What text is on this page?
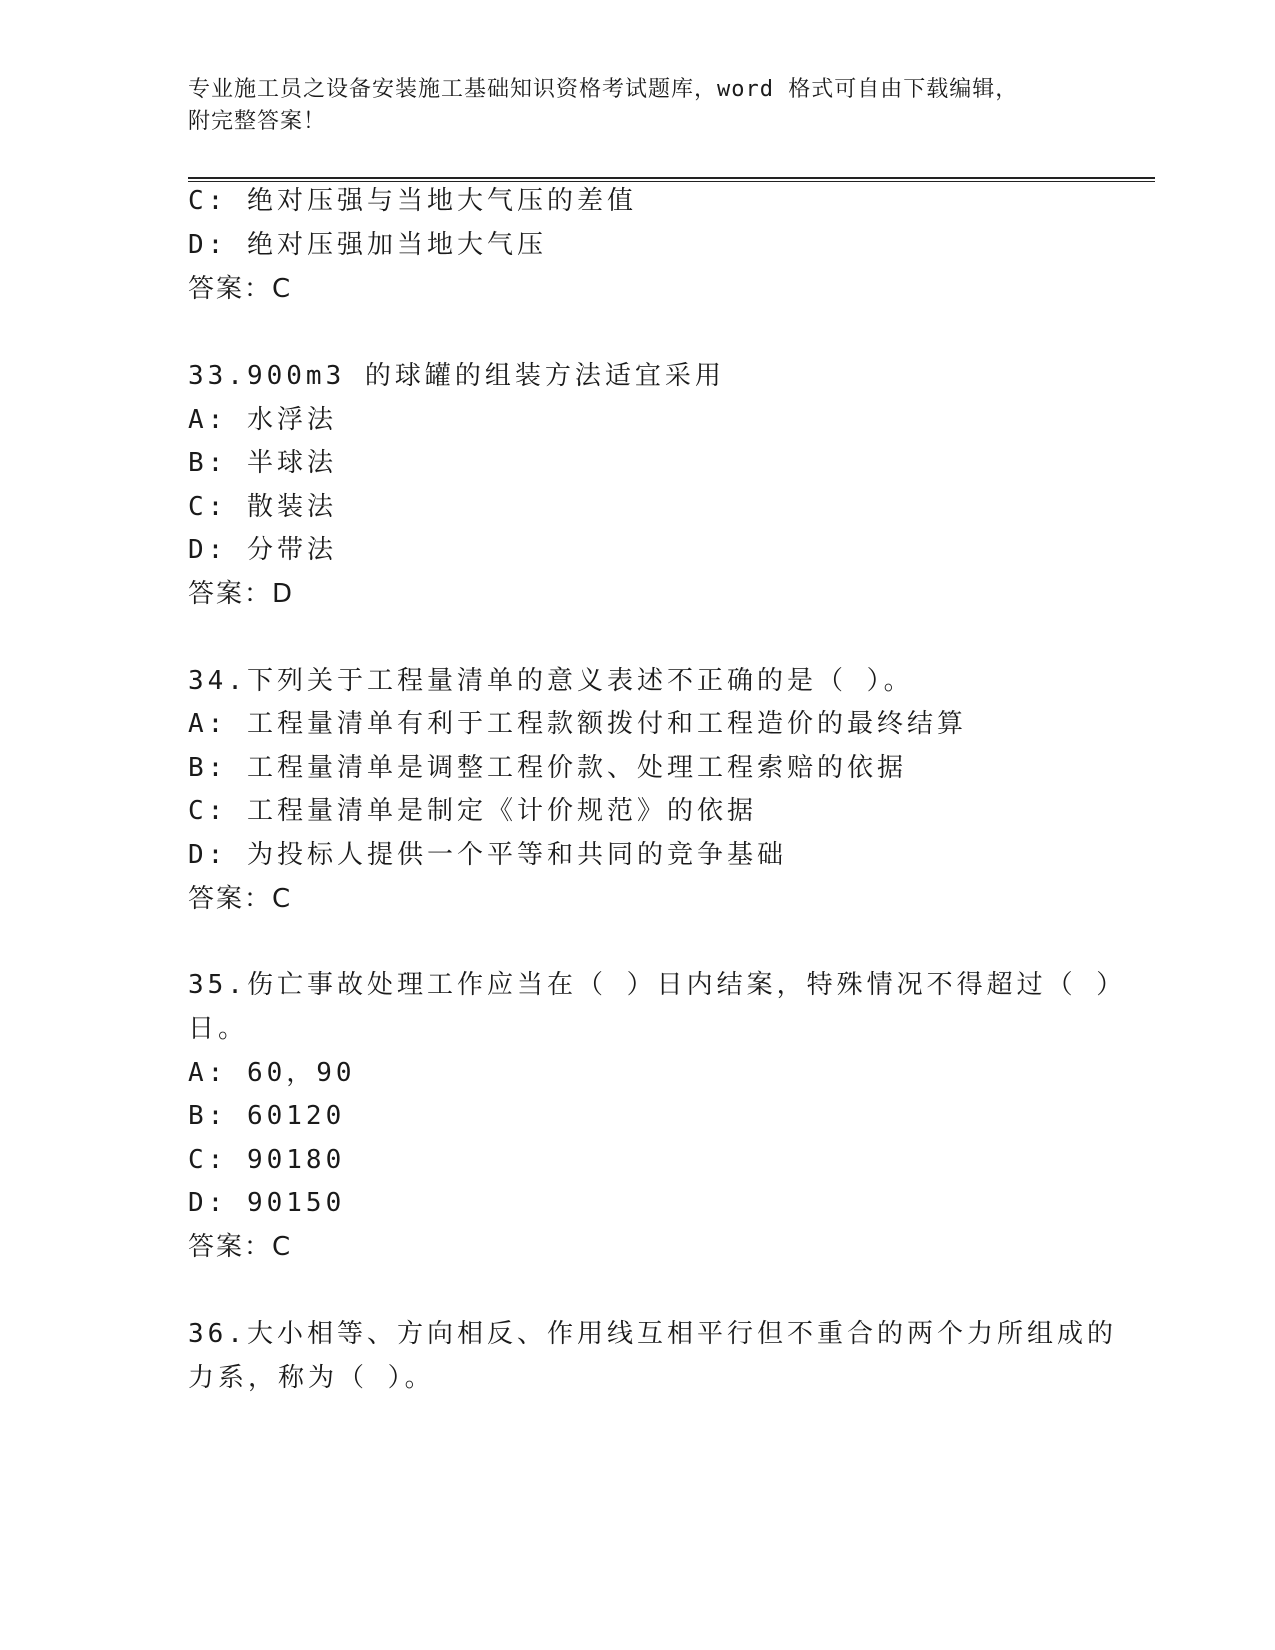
专业施工员之设备安装施工基础知识资格考试题库，word 格式可自由下载编辑，
附完整答案！
C: 绝对压强与当地大气压的差值
D: 绝对压强加当地大气压
答案：C
33.900m3 的球罐的组装方法适宜采用
A: 水浮法
B: 半球法
C: 散装法
D: 分带法
答案：D
34.下列关于工程量清单的意义表述不正确的是（ ）。
A: 工程量清单有利于工程款额拨付和工程造价的最终结算
B: 工程量清单是调整工程价款、处理工程索赔的依据
C: 工程量清单是制定《计价规范》的依据
D: 为投标人提供一个平等和共同的竞争基础
答案：C
35.伤亡事故处理工作应当在（ ）日内结案，特殊情况不得超过（ ）
日。
A: 60，90
B: 60120
C: 90180
D: 90150
答案：C
36.大小相等、方向相反、作用线互相平行但不重合的两个力所组成的
力系，称为（ ）。
